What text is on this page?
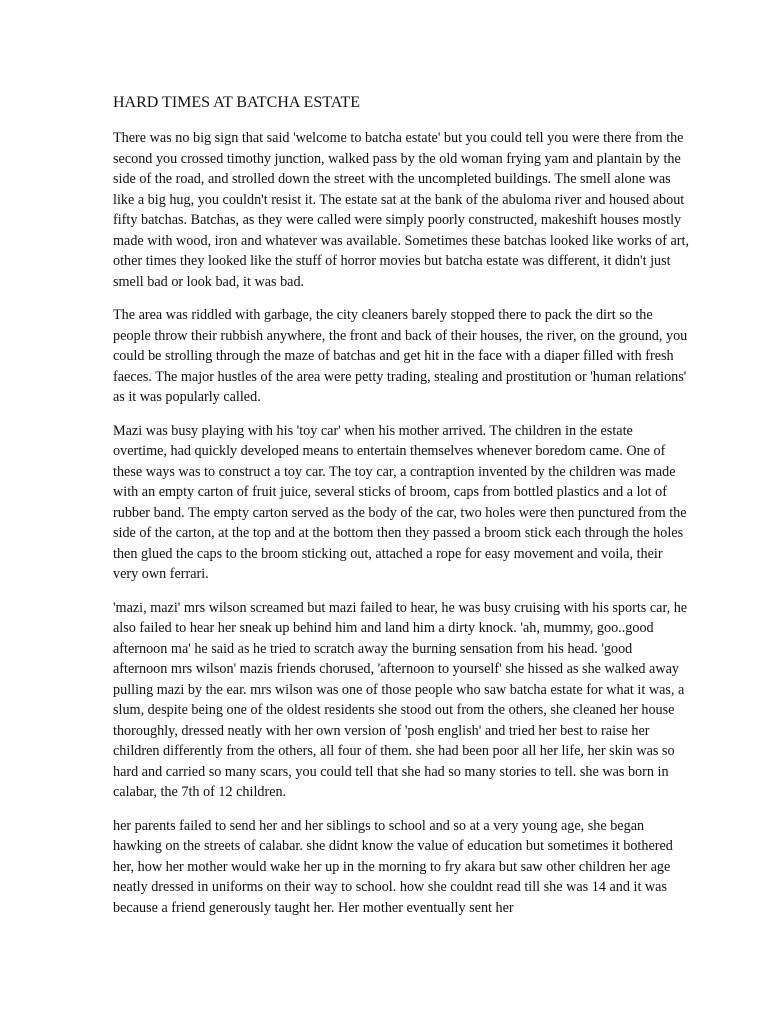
HARD TIMES AT BATCHA ESTATE

There was no big sign that said 'welcome to batcha estate' but you could tell you were there from the second you crossed timothy junction, walked pass by the old woman frying yam and plantain by the side of the road, and strolled down the street with the uncompleted buildings. The smell alone was like a big hug, you couldn't resist it. The estate sat at the bank of the abuloma river and housed about fifty batchas. Batchas, as they were called were simply poorly constructed, makeshift houses mostly made with wood, iron and whatever was available. Sometimes these batchas looked like works of art, other times they looked like the stuff of horror movies but batcha estate was different, it didn't just smell bad or look bad, it was bad.

The area was riddled with garbage, the city cleaners barely stopped there to pack the dirt so the people throw their rubbish anywhere, the front and back of their houses, the river, on the ground, you could be strolling through the maze of batchas and get hit in the face with a diaper filled with fresh faeces. The major hustles of the area were petty trading, stealing and prostitution or 'human relations' as it was popularly called.

Mazi was busy playing with his 'toy car' when his mother arrived. The children in the estate overtime, had quickly developed means to entertain themselves whenever boredom came. One of these ways was to construct a toy car. The toy car, a contraption invented by the children was made with an empty carton of fruit juice, several sticks of broom, caps from bottled plastics and a lot of rubber band. The empty carton served as the body of the car, two holes were then punctured from the side of the carton, at the top and at the bottom then they passed a broom stick each through the holes then glued the caps to the broom sticking out, attached a rope for easy movement and voila, their very own ferrari.

'mazi, mazi' mrs wilson screamed but mazi failed to hear, he was busy cruising with his sports car, he also failed to hear her sneak up behind him and land him a dirty knock. 'ah, mummy, goo..good afternoon ma' he said as he tried to scratch away the burning sensation from his head. 'good afternoon mrs wilson' mazis friends chorused, 'afternoon to yourself' she hissed as she walked away pulling mazi by the ear. mrs wilson was one of those people who saw batcha estate for what it was, a slum, despite being one of the oldest residents she stood out from the others, she cleaned her house thoroughly, dressed neatly with her own version of 'posh english' and tried her best to raise her children differently from the others, all four of them. she had been poor all her life, her skin was so hard and carried so many scars, you could tell that she had so many stories to tell. she was born in calabar, the 7th of 12 children.

her parents failed to send her and her siblings to school and so at a very young age, she began hawking on the streets of calabar. she didnt know the value of education but sometimes it bothered her, how her mother would wake her up in the morning to fry akara but saw other children her age neatly dressed in uniforms on their way to school. how she couldnt read till she was 14 and it was because a friend generously taught her. Her mother eventually sent her
